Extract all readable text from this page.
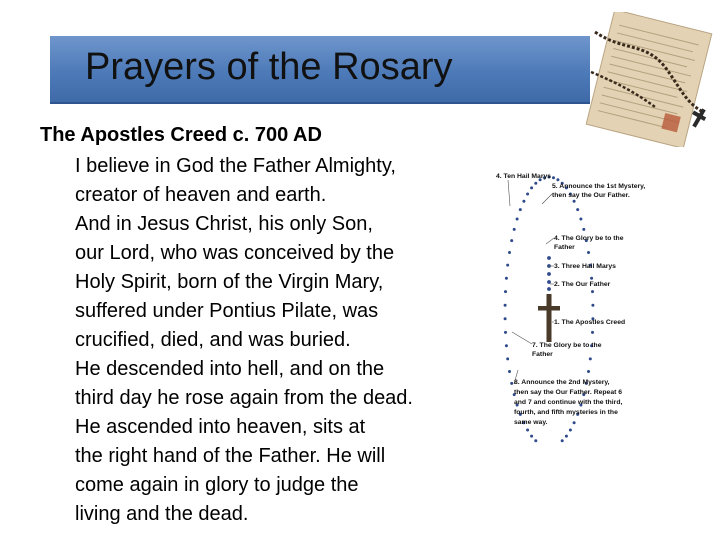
Prayers of the Rosary
The Apostles Creed c. 700 AD
I believe in God the Father Almighty,
creator of heaven and earth.
And in Jesus Christ, his only Son,
our Lord, who was conceived by the
Holy Spirit, born of the Virgin Mary,
suffered under Pontius Pilate, was
crucified, died, and was buried.
He descended into hell, and on the
third day he rose again from the dead.
He ascended into heaven, sits at
the right hand of the Father. He will
come again in glory to judge the
living and the dead.
4. Ten Hail Marys
5. Announce the 1st Mystery,
then say the Our Father.
4. The Glory be to the
Father
3. Three Hail Marys
2. The Our Father
1. The Apostles Creed
7. The Glory be to the
Father
8. Announce the 2nd Mystery,
then say the Our Father. Repeat 6
and 7 and continue with the third,
fourth, and fifth mysteries in the
same way.
